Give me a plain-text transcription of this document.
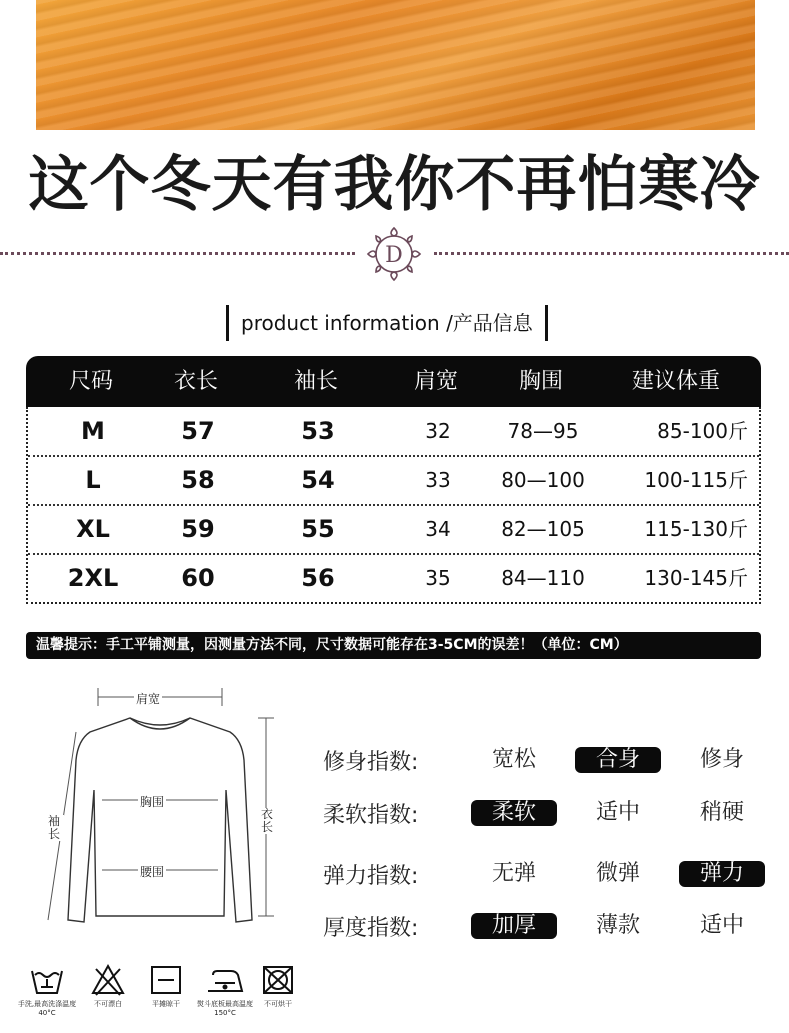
这个冬天有我你不再怕寒冷
D
product information /产品信息
尺码	衣长	袖长	肩宽	胸围	建议体重
M	57	53	32	78—95	85-100斤
L	58	54	33	80—100	100-115斤
XL	59	55	34	82—105	115-130斤
2XL	60	56	35	84—110	130-145斤
温馨提示：手工平铺测量，因测量方法不同，尺寸数据可能存在3-5CM的误差！（单位：CM）
肩宽
胸围
腰围
袖长
衣长
修身指数:	宽松	合身	修身
柔软指数:	柔软	适中	稍硬
弹力指数:	无弹	微弹	弹力
厚度指数:	加厚	薄款	适中
手洗,最高洗涤温度40°C
不可漂白	平摊晾干	熨斗底板最高温度150°C
不可烘干
